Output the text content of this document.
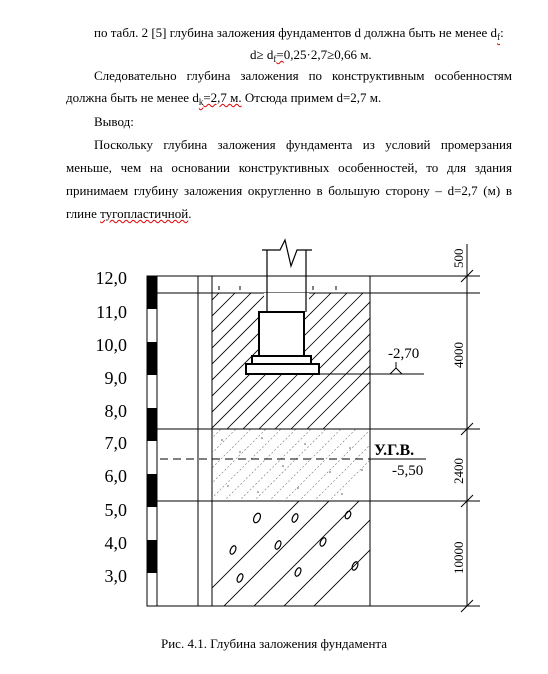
по табл. 2 [5] глубина заложения фундаментов d должна быть не менее $d_f$:
$d\ge d_f=0,25\cdot 2,7\ge 0,66$ м.
Следовательно глубина заложения по конструктивным особенностям
должна быть не менее $d_k=2,7$ м. Отсюда примем d=2,7 м.
Вывод:
Поскольку глубина заложения фундамента из условий промерзания
меньше, чем на основании конструктивных особенностей, то для здания
принимаем глубину заложения округленно в большую сторону – d=2,7 (м) в
глине тугопластичной.
12,0
11,0
10,0
9,0
8,0
7,0
6,0
5,0
4,0
3,0
-2,70
У.Г.В.
-5,50
500
4000
2400
10000
Рис. 4.1. Глубина заложения фундамента
